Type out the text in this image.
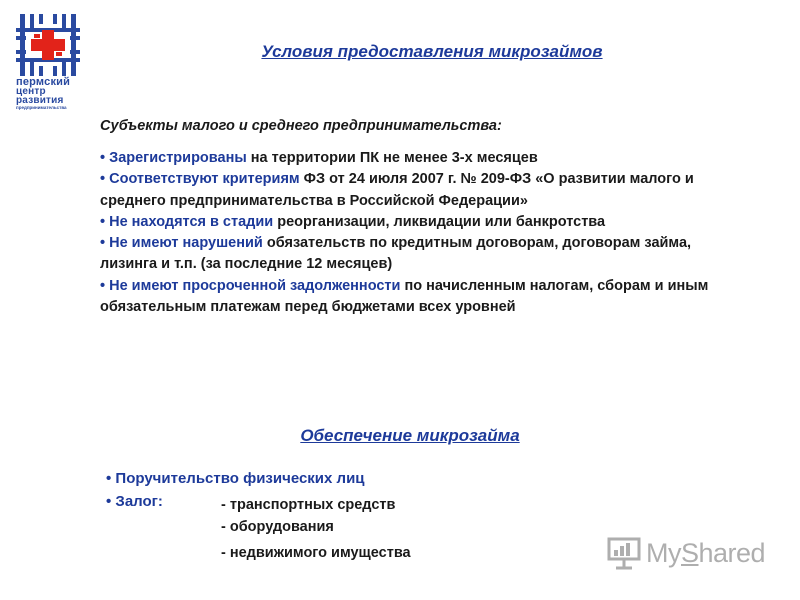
пермский
центр развития
предпринимательства
Условия предоставления микрозаймов
Субъекты малого и среднего предпринимательства:
• Зарегистрированы на территории ПК не менее 3-х месяцев
• Соответствуют критериям ФЗ от 24 июля 2007 г. № 209-ФЗ «О развитии малого и среднего предпринимательства в Российской Федерации»
• Не находятся в стадии реорганизации, ликвидации или банкротства
• Не имеют нарушений обязательств по кредитным договорам, договорам займа, лизинга и т.п. (за последние 12 месяцев)
• Не имеют просроченной задолженности по начисленным налогам, сборам и иным обязательным платежам перед бюджетами всех уровней
Обеспечение микрозайма
• Поручительство физических лиц
• Залог:	- транспортных средств
- оборудования
- недвижимого имущества	MyShared
